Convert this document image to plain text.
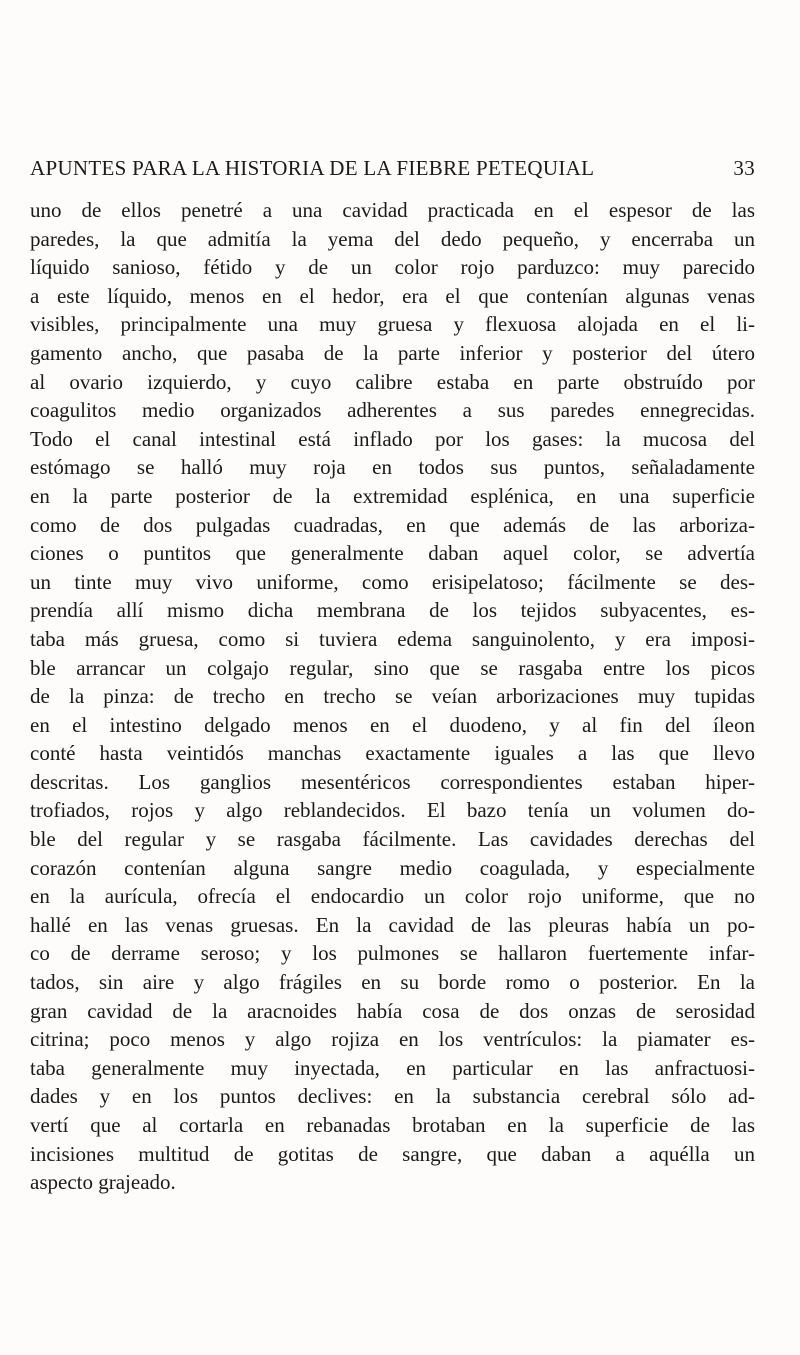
APUNTES PARA LA HISTORIA DE LA FIEBRE PETEQUIAL	33
uno de ellos penetré a una cavidad practicada en el espesor de las
paredes, la que admitía la yema del dedo pequeño, y encerraba un
líquido sanioso, fétido y de un color rojo parduzco: muy parecido
a este líquido, menos en el hedor, era el que contenían algunas venas
visibles, principalmente una muy gruesa y flexuosa alojada en el li-
gamento ancho, que pasaba de la parte inferior y posterior del útero
al ovario izquierdo, y cuyo calibre estaba en parte obstruído por
coagulitos medio organizados adherentes a sus paredes ennegrecidas.
Todo el canal intestinal está inflado por los gases: la mucosa del
estómago se halló muy roja en todos sus puntos, señaladamente
en la parte posterior de la extremidad esplénica, en una superficie
como de dos pulgadas cuadradas, en que además de las arboriza-
ciones o puntitos que generalmente daban aquel color, se advertía
un tinte muy vivo uniforme, como erisipelatoso; fácilmente se des-
prendía allí mismo dicha membrana de los tejidos subyacentes, es-
taba más gruesa, como si tuviera edema sanguinolento, y era imposi-
ble arrancar un colgajo regular, sino que se rasgaba entre los picos
de la pinza: de trecho en trecho se veían arborizaciones muy tupidas
en el intestino delgado menos en el duodeno, y al fin del íleon
conté hasta veintidós manchas exactamente iguales a las que llevo
descritas. Los ganglios mesentéricos correspondientes estaban hiper-
trofiados, rojos y algo reblandecidos. El bazo tenía un volumen do-
ble del regular y se rasgaba fácilmente. Las cavidades derechas del
corazón contenían alguna sangre medio coagulada, y especialmente
en la aurícula, ofrecía el endocardio un color rojo uniforme, que no
hallé en las venas gruesas. En la cavidad de las pleuras había un po-
co de derrame seroso; y los pulmones se hallaron fuertemente infar-
tados, sin aire y algo frágiles en su borde romo o posterior. En la
gran cavidad de la aracnoides había cosa de dos onzas de serosidad
citrina; poco menos y algo rojiza en los ventrículos: la piamater es-
taba generalmente muy inyectada, en particular en las anfractuosi-
dades y en los puntos declives: en la substancia cerebral sólo ad-
vertí que al cortarla en rebanadas brotaban en la superficie de las
incisiones multitud de gotitas de sangre, que daban a aquélla un
aspecto grajeado.
